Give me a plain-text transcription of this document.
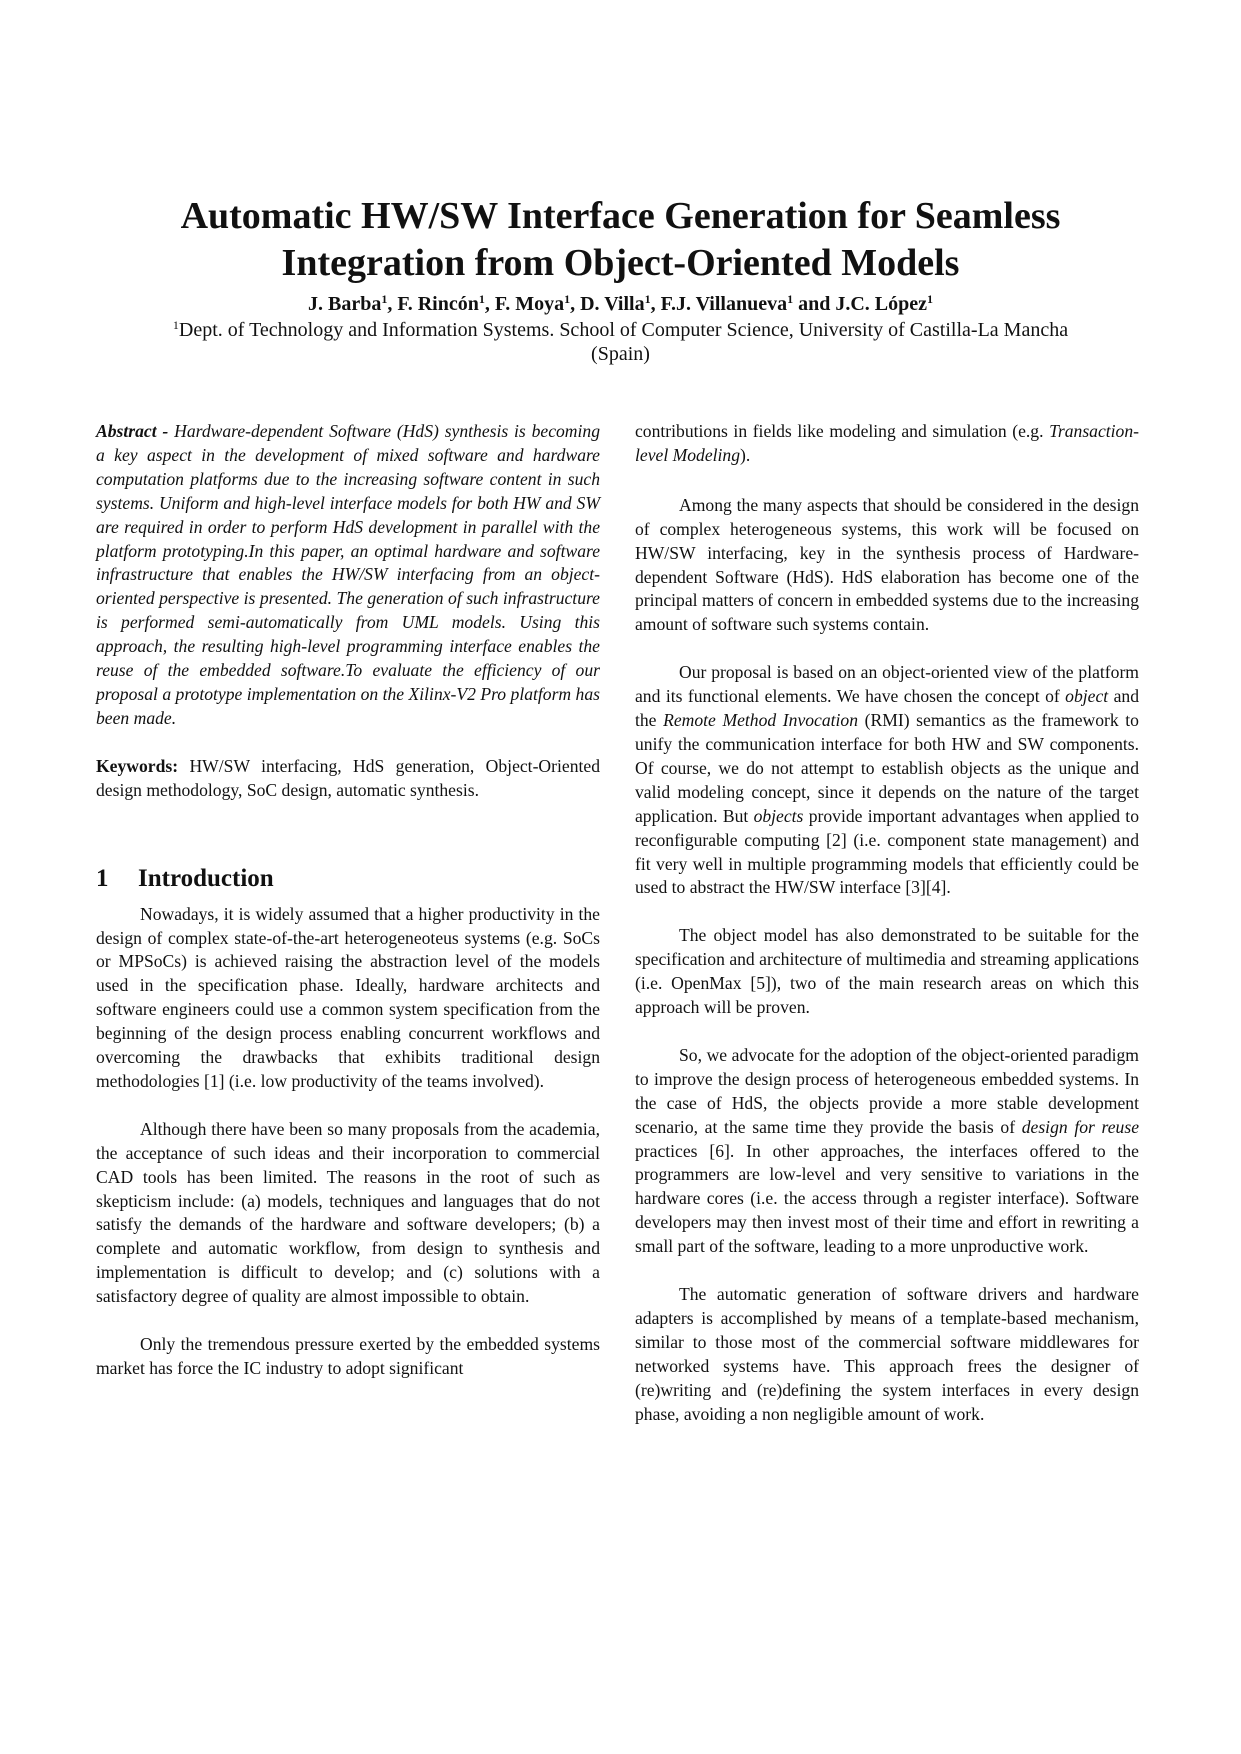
Automatic HW/SW Interface Generation for Seamless
Integration from Object-Oriented Models
J. Barba$^1$, F. Rincón$^1$, F. Moya$^1$, D. Villa$^1$, F.J. Villanueva$^1$ and J.C. López$^1$
$^1$Dept. of Technology and Information Systems. School of Computer Science, University of Castilla-La Mancha (Spain)

Abstract - Hardware-dependent Software (HdS) synthesis is becoming a key aspect in the development of mixed software and hardware computation platforms due to the increasing software content in such systems. Uniform and high-level interface models for both HW and SW are required in order to perform HdS development in parallel with the platform prototyping.In this paper, an optimal hardware and software infrastructure that enables the HW/SW interfacing from an object-oriented perspective is presented. The generation of such infrastructure is performed semi-automatically from UML models. Using this approach, the resulting high-level programming interface enables the reuse of the embedded software.To evaluate the efficiency of our proposal a prototype implementation on the Xilinx-V2 Pro platform has been made.

Keywords: HW/SW interfacing, HdS generation, Object-Oriented design methodology, SoC design, automatic synthesis.

1 Introduction

Nowadays, it is widely assumed that a higher productivity in the design of complex state-of-the-art heterogeneoteus systems (e.g. SoCs or MPSoCs) is achieved raising the abstraction level of the models used in the specification phase. Ideally, hardware architects and software engineers could use a common system specification from the beginning of the design process enabling concurrent workflows and overcoming the drawbacks that exhibits traditional design methodologies [1] (i.e. low productivity of the teams involved).

Although there have been so many proposals from the academia, the acceptance of such ideas and their incorporation to commercial CAD tools has been limited. The reasons in the root of such as skepticism include: (a) models, techniques and languages that do not satisfy the demands of the hardware and software developers; (b) a complete and automatic workflow, from design to synthesis and implementation is difficult to develop; and (c) solutions with a satisfactory degree of quality are almost impossible to obtain.

Only the tremendous pressure exerted by the embedded systems market has force the IC industry to adopt significant

contributions in fields like modeling and simulation (e.g. Transaction-level Modeling).

Among the many aspects that should be considered in the design of complex heterogeneous systems, this work will be focused on HW/SW interfacing, key in the synthesis process of Hardware-dependent Software (HdS). HdS elaboration has become one of the principal matters of concern in embedded systems due to the increasing amount of software such systems contain.

Our proposal is based on an object-oriented view of the platform and its functional elements. We have chosen the concept of object and the Remote Method Invocation (RMI) semantics as the framework to unify the communication interface for both HW and SW components. Of course, we do not attempt to establish objects as the unique and valid modeling concept, since it depends on the nature of the target application. But objects provide important advantages when applied to reconfigurable computing [2] (i.e. component state management) and fit very well in multiple programming models that efficiently could be used to abstract the HW/SW interface [3][4].

The object model has also demonstrated to be suitable for the specification and architecture of multimedia and streaming applications (i.e. OpenMax [5]), two of the main research areas on which this approach will be proven.

So, we advocate for the adoption of the object-oriented paradigm to improve the design process of heterogeneous embedded systems. In the case of HdS, the objects provide a more stable development scenario, at the same time they provide the basis of design for reuse practices [6]. In other approaches, the interfaces offered to the programmers are low-level and very sensitive to variations in the hardware cores (i.e. the access through a register interface). Software developers may then invest most of their time and effort in rewriting a small part of the software, leading to a more unproductive work.

The automatic generation of software drivers and hardware adapters is accomplished by means of a template-based mechanism, similar to those most of the commercial software middlewares for networked systems have. This approach frees the designer of (re)writing and (re)defining the system interfaces in every design phase, avoiding a non negligible amount of work.
